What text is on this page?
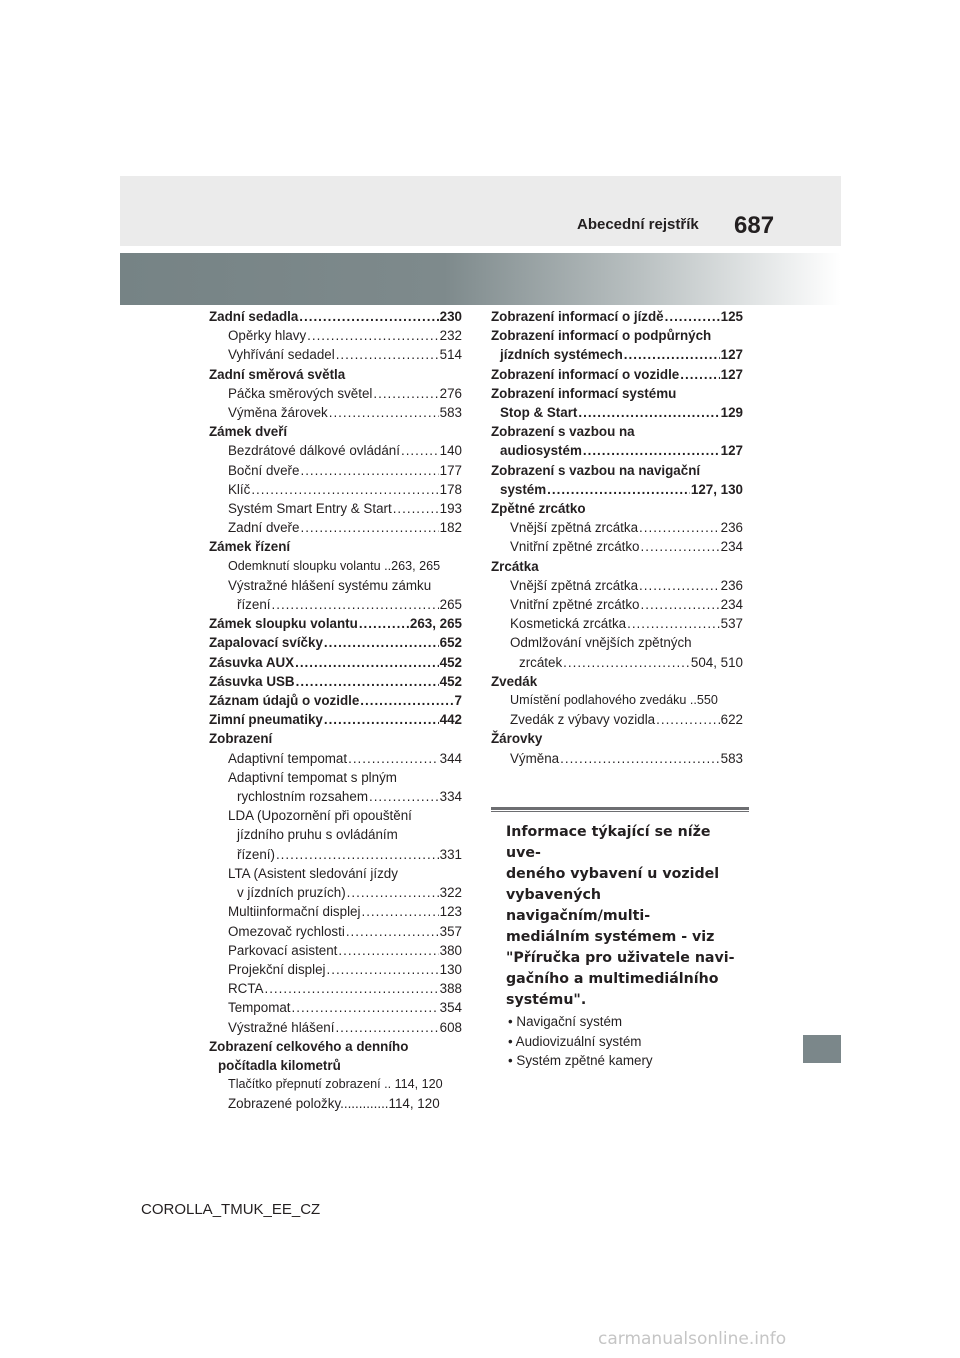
Abecední rejstřík 687
Zadní sedadla .....	230
Opěrky hlavy .....	232
Vyhřívání sedadel .....	514
Zadní směrová světla
Páčka směrových světel .....	276
Výměna žárovek .....	583
Zámek dveří
Bezdrátové dálkové ovládání .....	140
Boční dveře .....	177
Klíč .....	178
Systém Smart Entry & Start .....	193
Zadní dveře .....	182
Zámek řízení
Odemknutí sloupku volantu ..263, 265
Výstražné hlášení systému zámku
řízení .....	265
Zámek sloupku volantu .....	263, 265
Zapalovací svíčky .....	652
Zásuvka AUX .....	452
Zásuvka USB .....	452
Záznam údajů o vozidle .....	7
Zimní pneumatiky .....	442
Zobrazení
Adaptivní tempomat .....	344
Adaptivní tempomat s plným
rychlostním rozsahem .....	334
LDA (Upozornění při opouštění
jízdního pruhu s ovládáním
řízení) .....	331
LTA (Asistent sledování jízdy
v jízdních pruzích) .....	322
Multiinformační displej .....	123
Omezovač rychlosti .....	357
Parkovací asistent .....	380
Projekční displej .....	130
RCTA .....	388
Tempomat .....	354
Výstražné hlášení .....	608
Zobrazení celkového a denního
počítadla kilometrů
Tlačítko přepnutí zobrazení .. 114, 120
Zobrazené položky.............114, 120
Zobrazení informací o jízdě .....	125
Zobrazení informací o podpůrných
jízdních systémech .....	127
Zobrazení informací o vozidle .....	127
Zobrazení informací systému
Stop & Start .....	129
Zobrazení s vazbou na
audiosystém .....	127
Zobrazení s vazbou na navigační
systém .....	127, 130
Zpětné zrcátko
Vnější zpětná zrcátka .....	236
Vnitřní zpětné zrcátko .....	234
Zrcátka
Vnější zpětná zrcátka .....	236
Vnitřní zpětné zrcátko .....	234
Kosmetická zrcátka .....	537
Odmlžování vnějších zpětných
zrcátek .....	504, 510
Zvedák
Umístění podlahového zvedáku ..550
Zvedák z výbavy vozidla .....	622
Žárovky
Výměna .....	583
Informace týkající se níže uve-
deného vybavení u vozidel
vybavených navigačním/multi-
mediálním systémem - viz
"Příručka pro uživatele navi-
gačního a multimediálního
systému".
• Navigační systém
• Audiovizuální systém
• Systém zpětné kamery
COROLLA_TMUK_EE_CZ
carmanualsonline.info
